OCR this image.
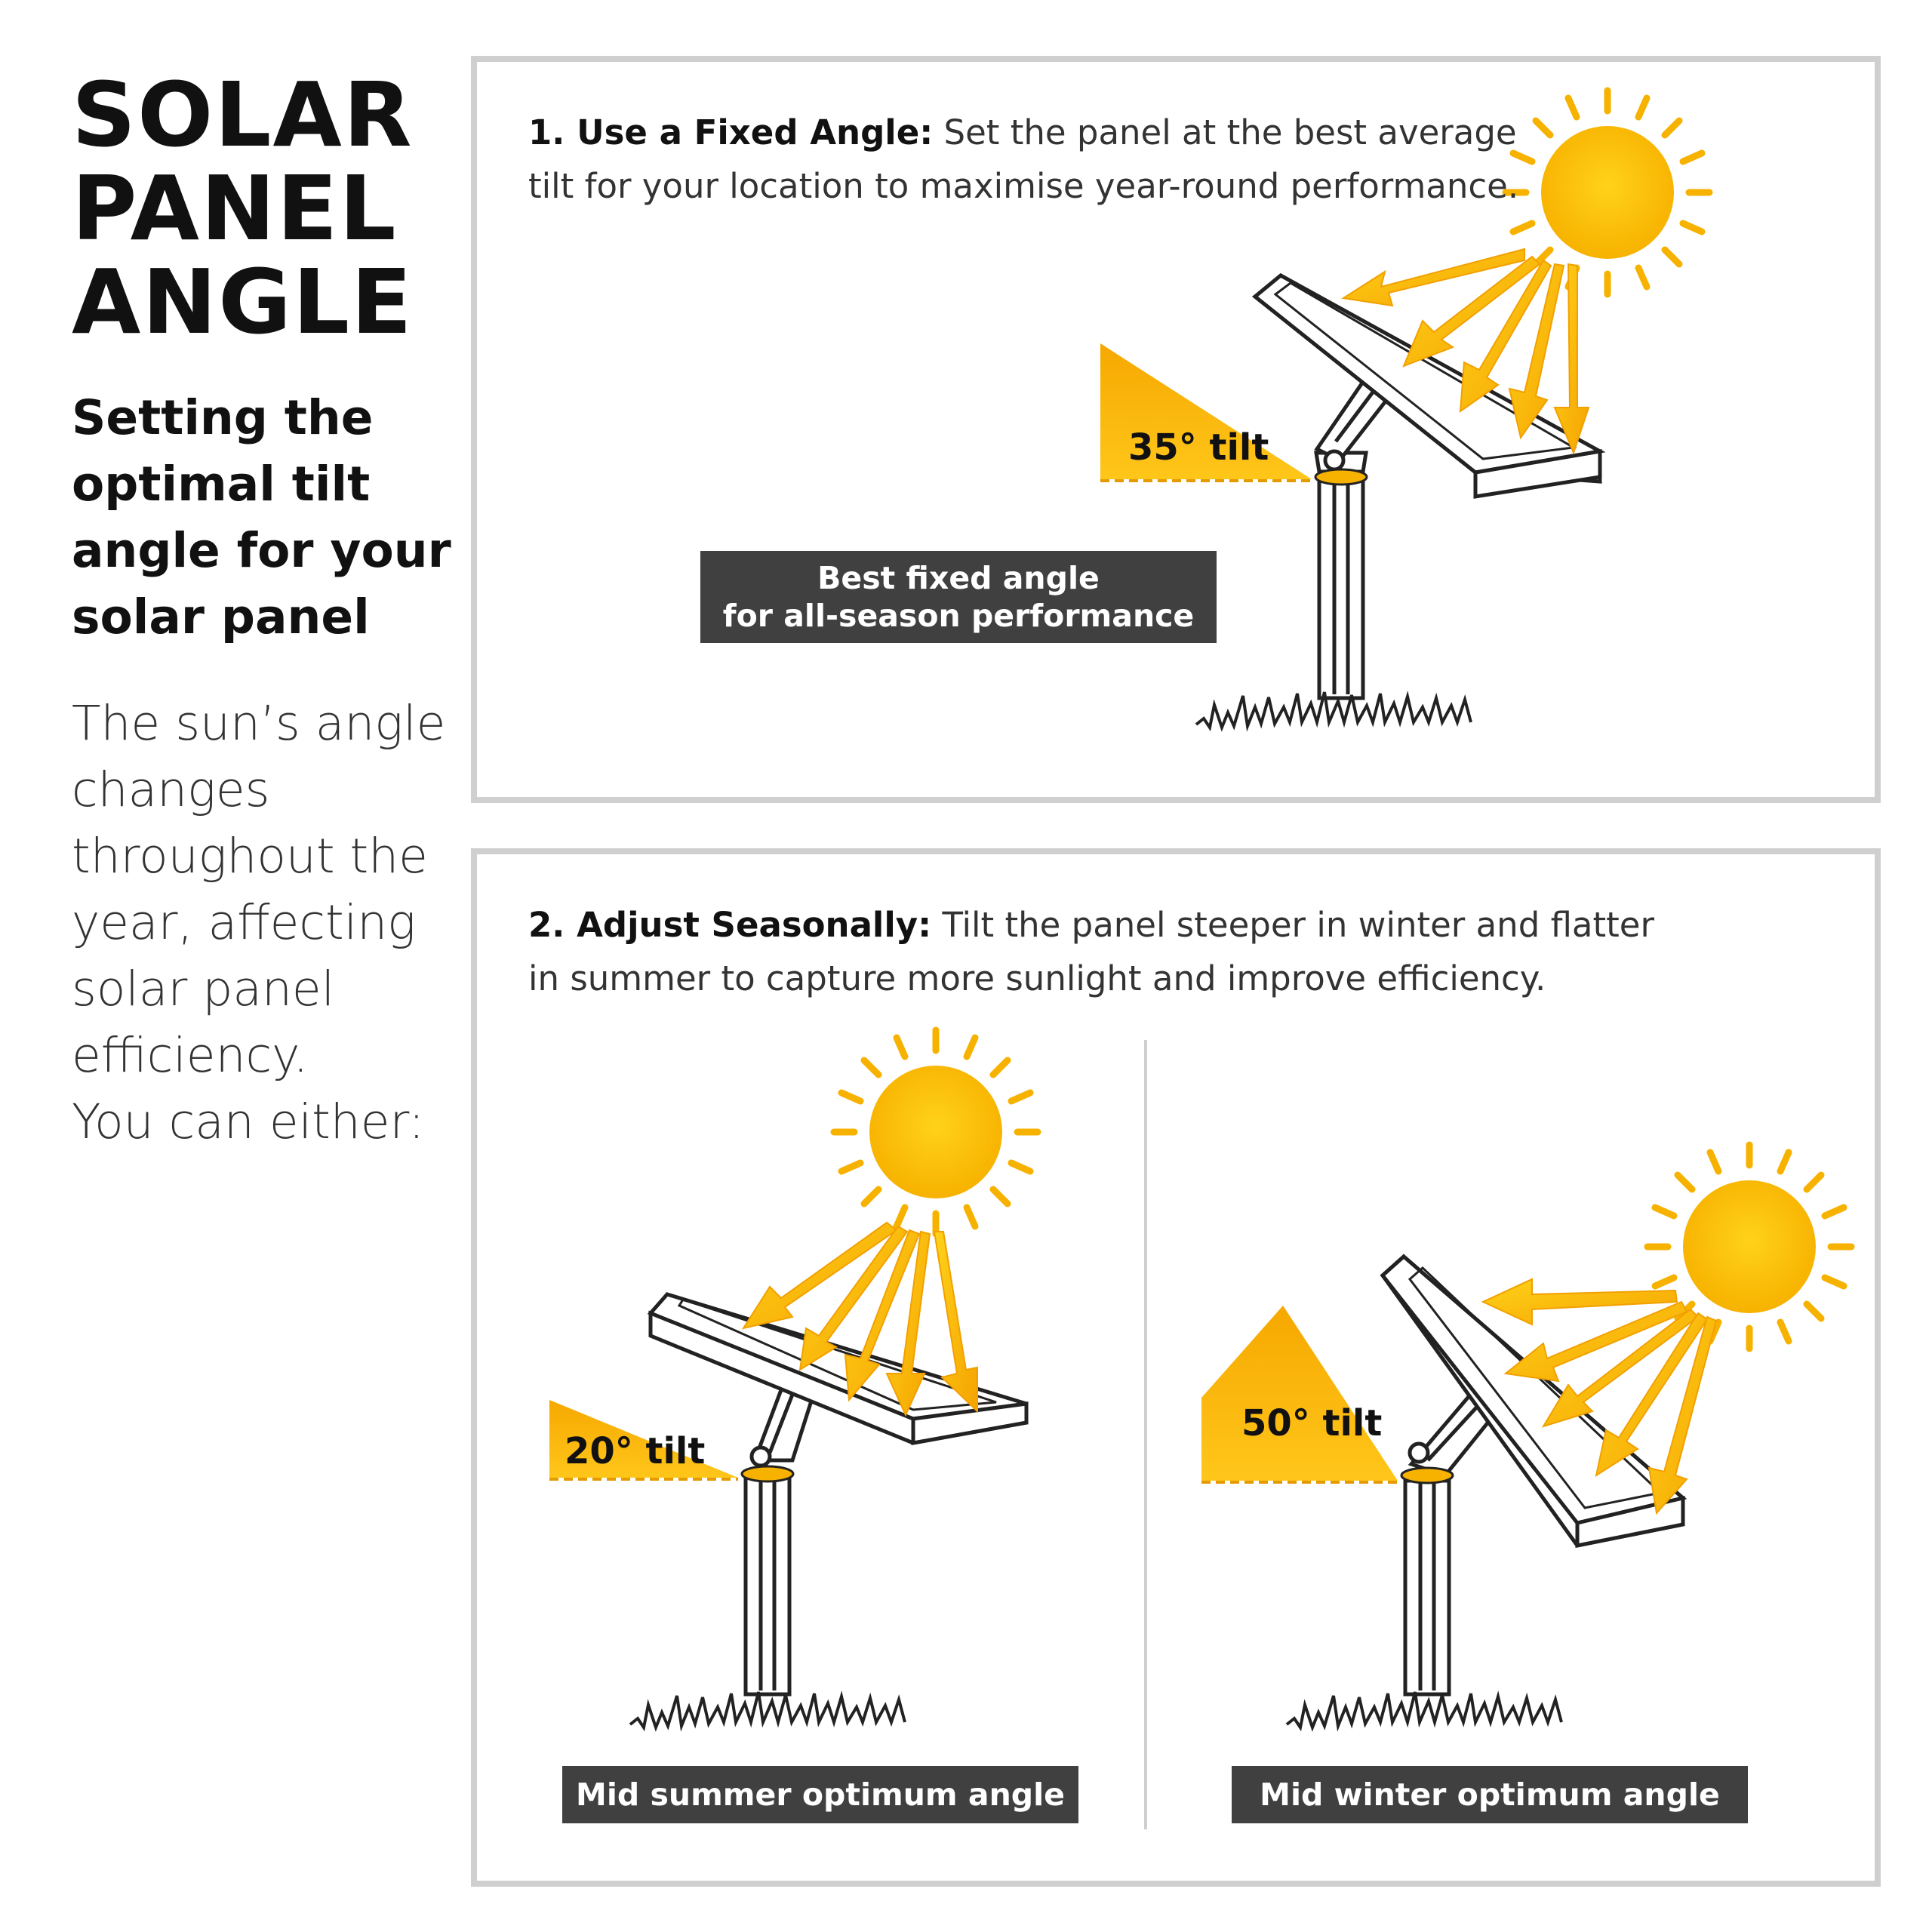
SOLAR
PANEL
ANGLE
Setting the
optimal tilt
angle for your
solar panel
The sun’s angle
changes
throughout the
year, affecting
solar panel
efficiency.
You can either:
1. Use a Fixed Angle: Set the panel at the best average
tilt for your location to maximise year-round performance.
35° tilt
Best fixed angle
for all-season performance
2. Adjust Seasonally: Tilt the panel steeper in winter and flatter
in summer to capture more sunlight and improve efficiency.
20° tilt
50° tilt
Mid summer optimum angle	Mid winter optimum angle
